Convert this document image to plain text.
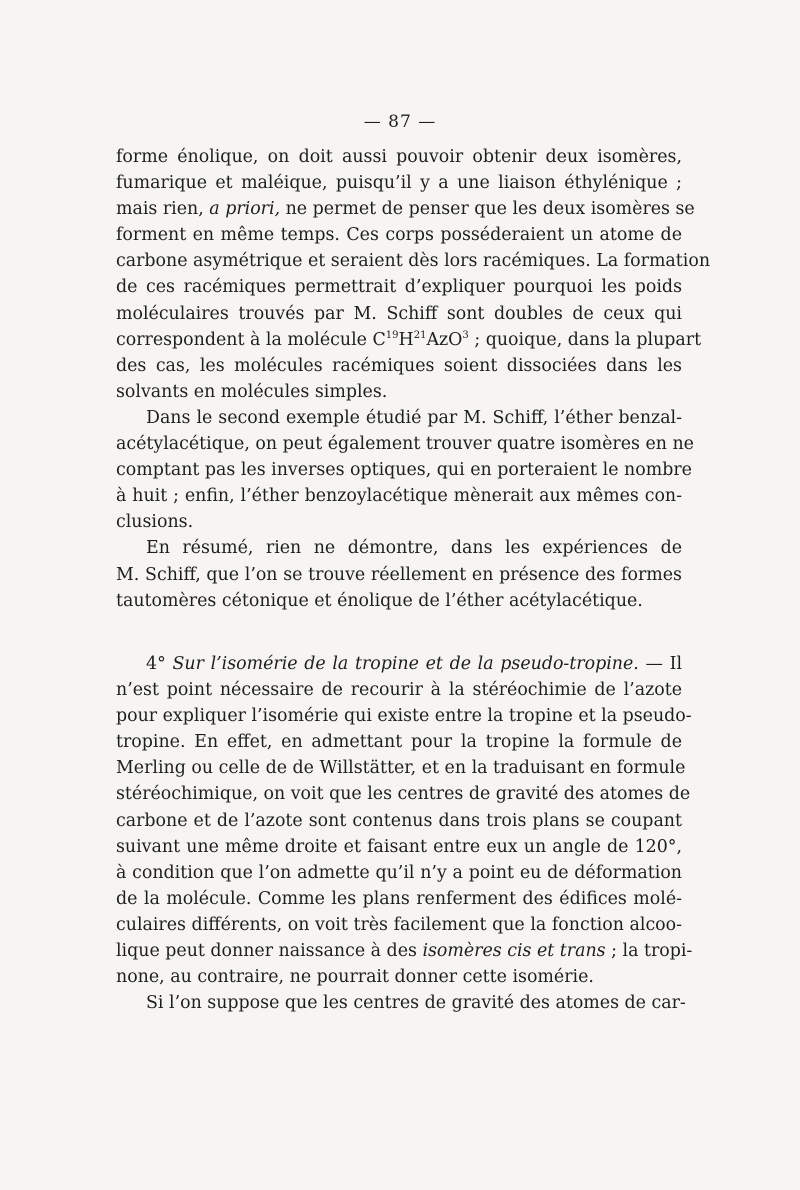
— 87 —
forme énolique, on doit aussi pouvoir obtenir deux isomères,
fumarique et maléique, puisqu’il y a une liaison éthylénique ;
mais rien, a priori, ne permet de penser que les deux isomères se
forment en même temps. Ces corps posséderaient un atome de
carbone asymétrique et seraient dès lors racémiques. La formation
de ces racémiques permettrait d’expliquer pourquoi les poids
moléculaires trouvés par M. Schiff sont doubles de ceux qui
correspondent à la molécule $C^{19}H^{21}AzO^3$ ; quoique, dans la plupart
des cas, les molécules racémiques soient dissociées dans les
solvants en molécules simples.
Dans le second exemple étudié par M. Schiff, l’éther benzal-
acétylacétique, on peut également trouver quatre isomères en ne
comptant pas les inverses optiques, qui en porteraient le nombre
à huit ; enfin, l’éther benzoylacétique mènerait aux mêmes con-
clusions.
En résumé, rien ne démontre, dans les expériences de
M. Schiff, que l’on se trouve réellement en présence des formes
tautomères cétonique et énolique de l’éther acétylacétique.
4° Sur l’isomérie de la tropine et de la pseudo-tropine. — Il
n’est point nécessaire de recourir à la stéréochimie de l’azote
pour expliquer l’isomérie qui existe entre la tropine et la pseudo-
tropine. En effet, en admettant pour la tropine la formule de
Merling ou celle de de Willstätter, et en la traduisant en formule
stéréochimique, on voit que les centres de gravité des atomes de
carbone et de l’azote sont contenus dans trois plans se coupant
suivant une même droite et faisant entre eux un angle de 120°,
à condition que l’on admette qu’il n’y a point eu de déformation
de la molécule. Comme les plans renferment des édifices molé-
culaires différents, on voit très facilement que la fonction alcoo-
lique peut donner naissance à des isomères cis et trans ; la tropi-
none, au contraire, ne pourrait donner cette isomérie.
Si l’on suppose que les centres de gravité des atomes de car-
